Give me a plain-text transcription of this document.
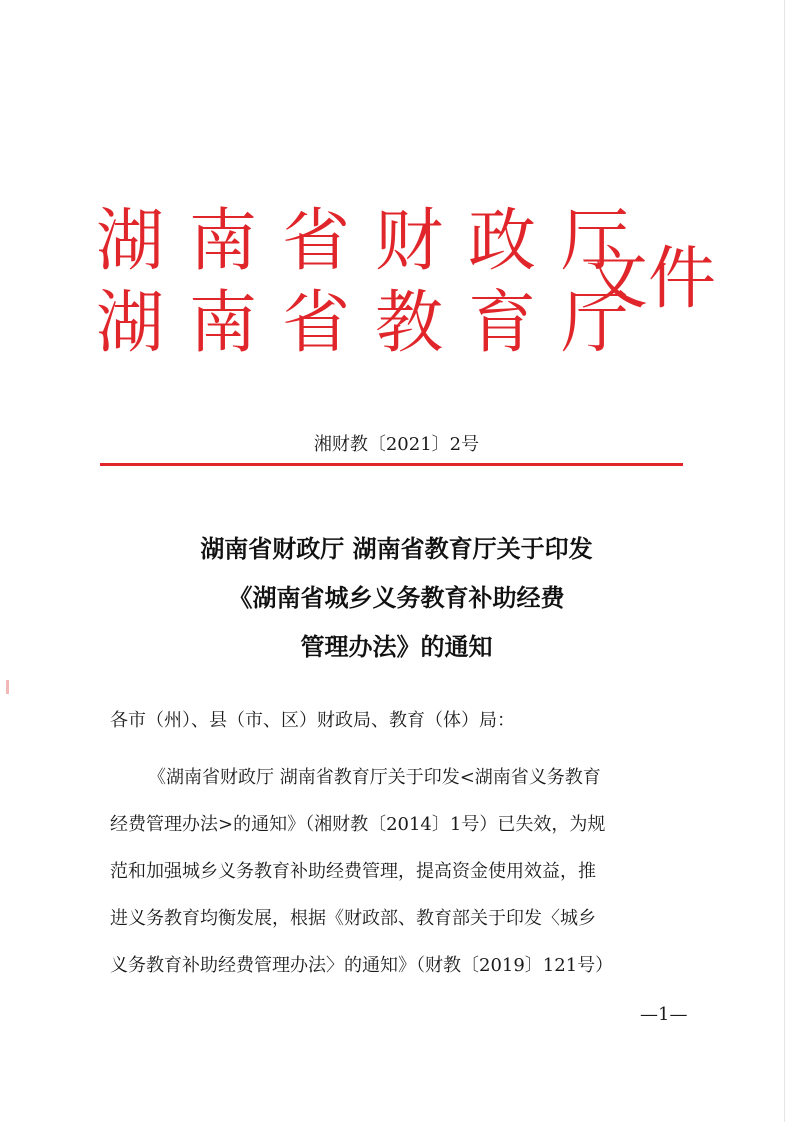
湖南省财政厅
湖南省教育厅
文件
湘财教〔2021〕2号
湖南省财政厅 湖南省教育厅关于印发
《湖南省城乡义务教育补助经费
管理办法》的通知
各市（州）、县（市、区）财政局、教育（体）局：
《湖南省财政厅 湖南省教育厅关于印发<湖南省义务教育
经费管理办法>的通知》（湘财教〔2014〕1号）已失效，为规
范和加强城乡义务教育补助经费管理，提高资金使用效益，推
进义务教育均衡发展，根据《财政部、教育部关于印发〈城乡
义务教育补助经费管理办法〉的通知》（财教〔2019〕121号）
—1—
